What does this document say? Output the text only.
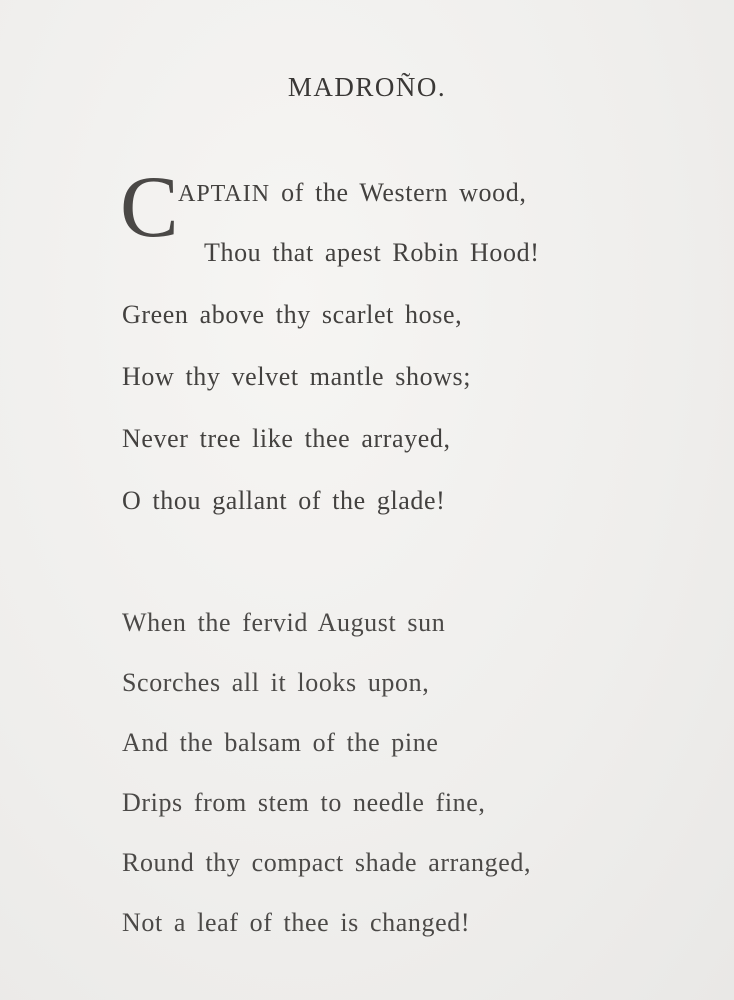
MADROÑO.
C APTAIN of the Western wood,
Thou that apest Robin Hood!
Green above thy scarlet hose,
How thy velvet mantle shows;
Never tree like thee arrayed,
O thou gallant of the glade!
When the fervid August sun
Scorches all it looks upon,
And the balsam of the pine
Drips from stem to needle fine,
Round thy compact shade arranged,
Not a leaf of thee is changed!
